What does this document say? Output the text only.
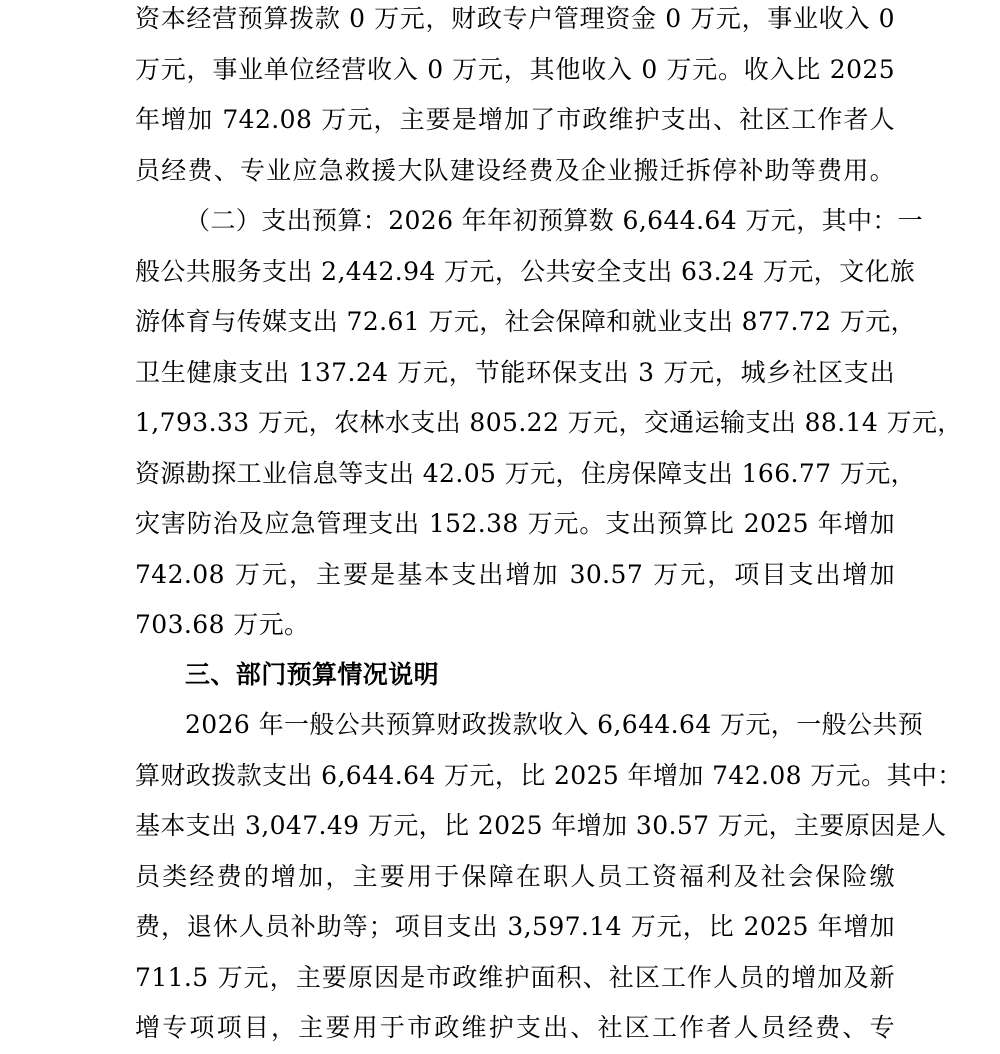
资本经营预算拨款 0 万元，财政专户管理资金 0 万元，事业收入 0
万元，事业单位经营收入 0 万元，其他收入 0 万元。收入比 2025
年增加 742.08 万元，主要是增加了市政维护支出、社区工作者人
员经费、专业应急救援大队建设经费及企业搬迁拆停补助等费用。
（二）支出预算：2026 年年初预算数 6,644.64 万元，其中：一
般公共服务支出 2,442.94 万元，公共安全支出 63.24 万元，文化旅
游体育与传媒支出 72.61 万元，社会保障和就业支出 877.72 万元，
卫生健康支出 137.24 万元，节能环保支出 3 万元，城乡社区支出
1,793.33 万元，农林水支出 805.22 万元，交通运输支出 88.14 万元，
资源勘探工业信息等支出 42.05 万元，住房保障支出 166.77 万元，
灾害防治及应急管理支出 152.38 万元。支出预算比 2025 年增加
742.08 万元，主要是基本支出增加 30.57 万元，项目支出增加
703.68 万元。
三、部门预算情况说明
2026 年一般公共预算财政拨款收入 6,644.64 万元，一般公共预
算财政拨款支出 6,644.64 万元，比 2025 年增加 742.08 万元。其中：
基本支出 3,047.49 万元，比 2025 年增加 30.57 万元，主要原因是人
员类经费的增加，主要用于保障在职人员工资福利及社会保险缴
费，退休人员补助等；项目支出 3,597.14 万元，比 2025 年增加
711.5 万元，主要原因是市政维护面积、社区工作人员的增加及新
增专项项目，主要用于市政维护支出、社区工作者人员经费、专
